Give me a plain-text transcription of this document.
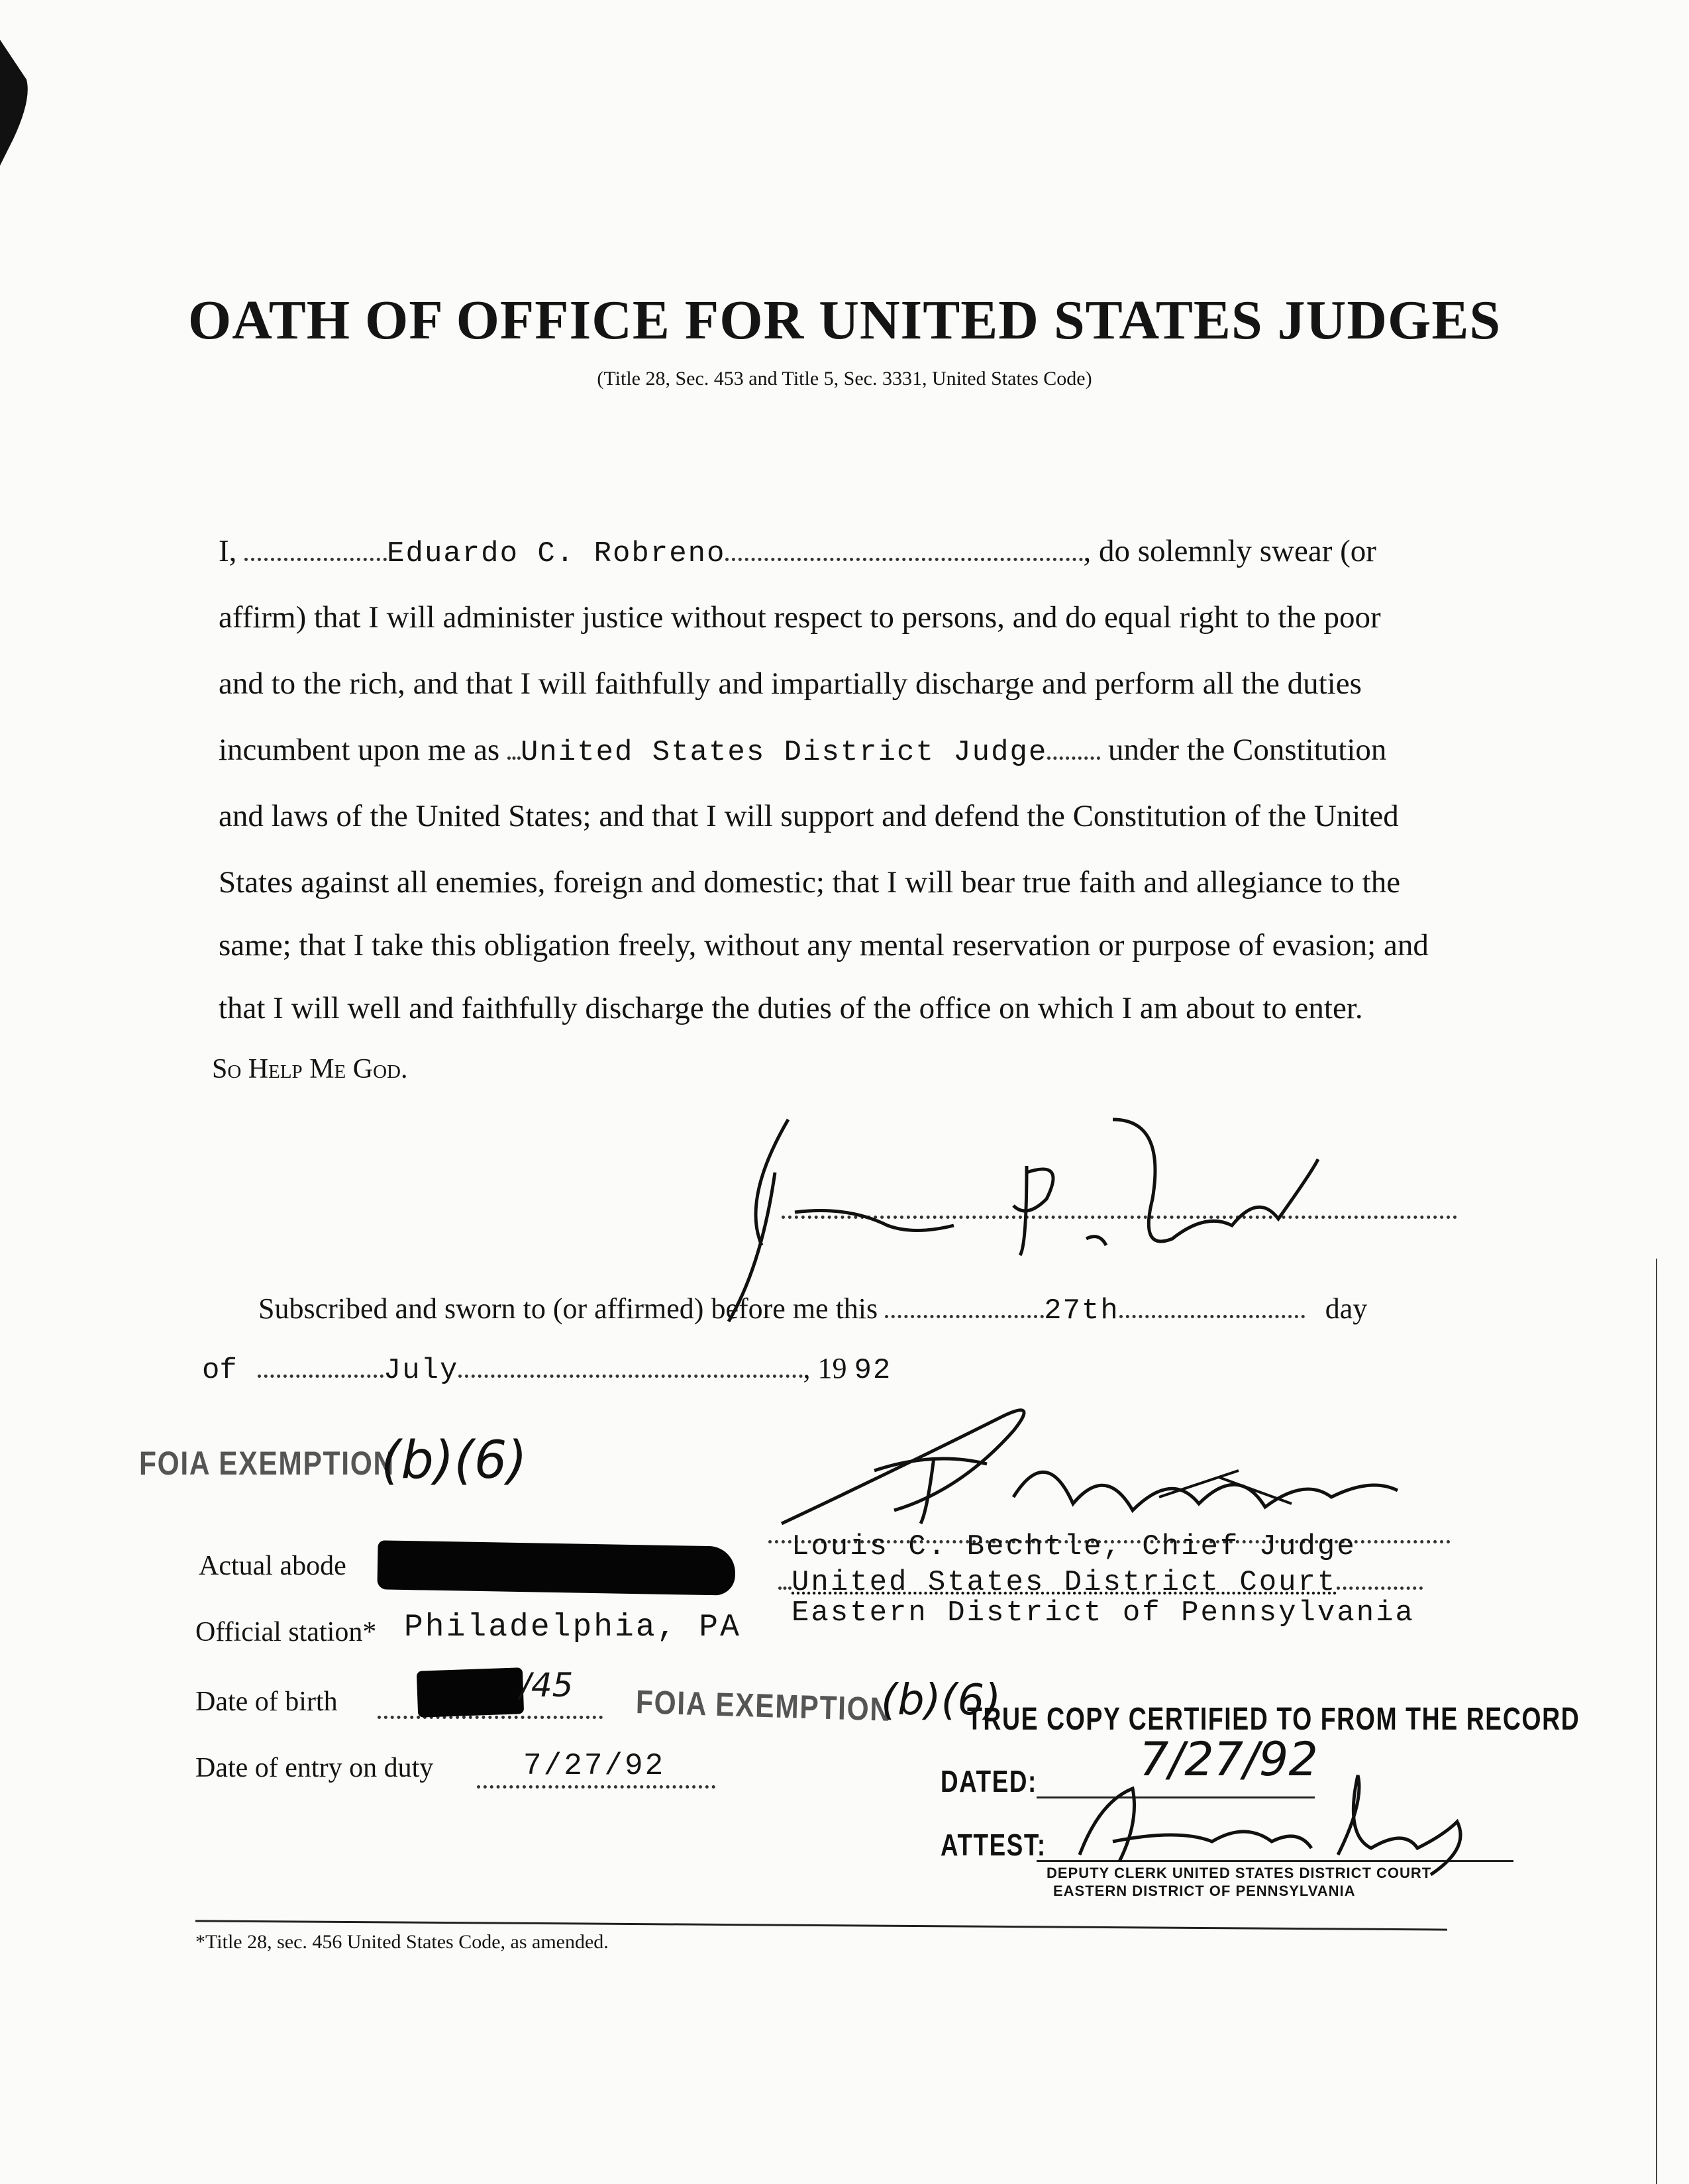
OATH OF OFFICE FOR UNITED STATES JUDGES
(Title 28, Sec. 453 and Title 5, Sec. 3331, United States Code)
I,	Eduardo C. Robreno	, do solemnly swear (or
affirm) that I will administer justice without respect to persons, and do equal right to the poor
and to the rich, and that I will faithfully and impartially discharge and perform all the duties
incumbent upon me as United States District Judge under the Constitution
and laws of the United States; and that I will support and defend the Constitution of the United
States against all enemies, foreign and domestic; that I will bear true faith and allegiance to the
same; that I take this obligation freely, without any mental reservation or purpose of evasion; and
that I will well and faithfully discharge the duties of the office on which I am about to enter.
So Help Me God.
Subscribed and sworn to (or affirmed) before me this	27th	day
of	July	, 19 92
FOIA EXEMPTION
(b)(6)
Louis C. Bechtle, Chief Judge
United States District Court
Eastern District of Pennsylvania
Actual abode
Official station* Philadelphia, PA
Date of birth	/45 FOIA EXEMPTION
(b)(6)
Date of entry on duty	7/27/92
TRUE COPY CERTIFIED TO FROM THE RECORD
DATED: 7/27/92
ATTEST:
DEPUTY CLERK UNITED STATES DISTRICT COURT
EASTERN DISTRICT OF PENNSYLVANIA
*Title 28, sec. 456 United States Code, as amended.
